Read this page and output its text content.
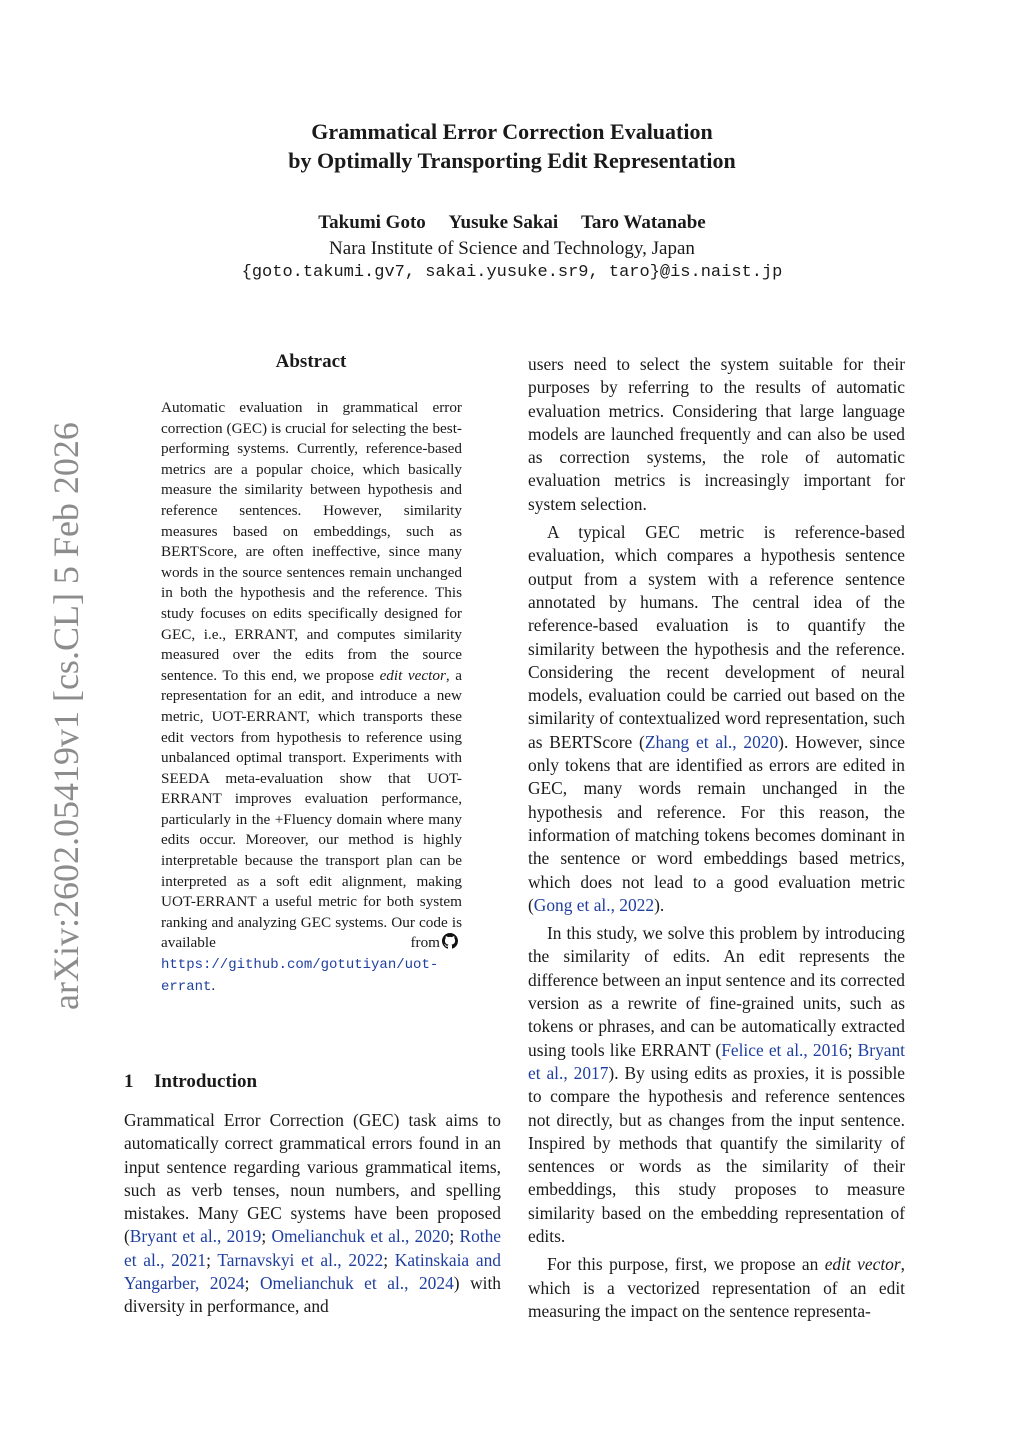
Grammatical Error Correction Evaluation
by Optimally Transporting Edit Representation
Takumi Goto Yusuke Sakai Taro Watanabe
Nara Institute of Science and Technology, Japan
{goto.takumi.gv7, sakai.yusuke.sr9, taro}@is.naist.jp
arXiv:2602.05419v1 [cs.CL] 5 Feb 2026
Abstract

Automatic evaluation in grammatical error correction (GEC) is crucial for selecting the best-performing systems. Currently, reference-based metrics are a popular choice, which basically measure the similarity between hypothesis and reference sentences. However, similarity measures based on embeddings, such as BERTScore, are often ineffective, since many words in the source sentences remain unchanged in both the hypothesis and the reference. This study focuses on edits specifically designed for GEC, i.e., ERRANT, and computes similarity measured over the edits from the source sentence. To this end, we propose edit vector, a representation for an edit, and introduce a new metric, UOT-ERRANT, which transports these edit vectors from hypothesis to reference using unbalanced optimal transport. Experiments with SEEDA meta-evaluation show that UOT-ERRANT improves evaluation performance, particularly in the +Fluency domain where many edits occur. Moreover, our method is highly interpretable because the transport plan can be interpreted as a soft edit alignment, making UOT-ERRANT a useful metric for both system ranking and analyzing GEC systems. Our code is available fromhttps://github.com/gotutiyan/uot-errant.

1 Introduction

Grammatical Error Correction (GEC) task aims to automatically correct grammatical errors found in an input sentence regarding various grammatical items, such as verb tenses, noun numbers, and spelling mistakes. Many GEC systems have been proposed (Bryant et al., 2019; Omelianchuk et al., 2020; Rothe et al., 2021; Tarnavskyi et al., 2022; Katinskaia and Yangarber, 2024; Omelianchuk et al., 2024) with diversity in performance, and

users need to select the system suitable for their purposes by referring to the results of automatic evaluation metrics. Considering that large language models are launched frequently and can also be used as correction systems, the role of automatic evaluation metrics is increasingly important for system selection.

A typical GEC metric is reference-based evaluation, which compares a hypothesis sentence output from a system with a reference sentence annotated by humans. The central idea of the reference-based evaluation is to quantify the similarity between the hypothesis and the reference. Considering the recent development of neural models, evaluation could be carried out based on the similarity of contextualized word representation, such as BERTScore (Zhang et al., 2020). However, since only tokens that are identified as errors are edited in GEC, many words remain unchanged in the hypothesis and reference. For this reason, the information of matching tokens becomes dominant in the sentence or word embeddings based metrics, which does not lead to a good evaluation metric (Gong et al., 2022).

In this study, we solve this problem by introducing the similarity of edits. An edit represents the difference between an input sentence and its corrected version as a rewrite of fine-grained units, such as tokens or phrases, and can be automatically extracted using tools like ERRANT (Felice et al., 2016; Bryant et al., 2017). By using edits as proxies, it is possible to compare the hypothesis and reference sentences not directly, but as changes from the input sentence. Inspired by methods that quantify the similarity of sentences or words as the similarity of their embeddings, this study proposes to measure similarity based on the embedding representation of edits.

For this purpose, first, we propose an edit vector, which is a vectorized representation of an edit measuring the impact on the sentence representa-
